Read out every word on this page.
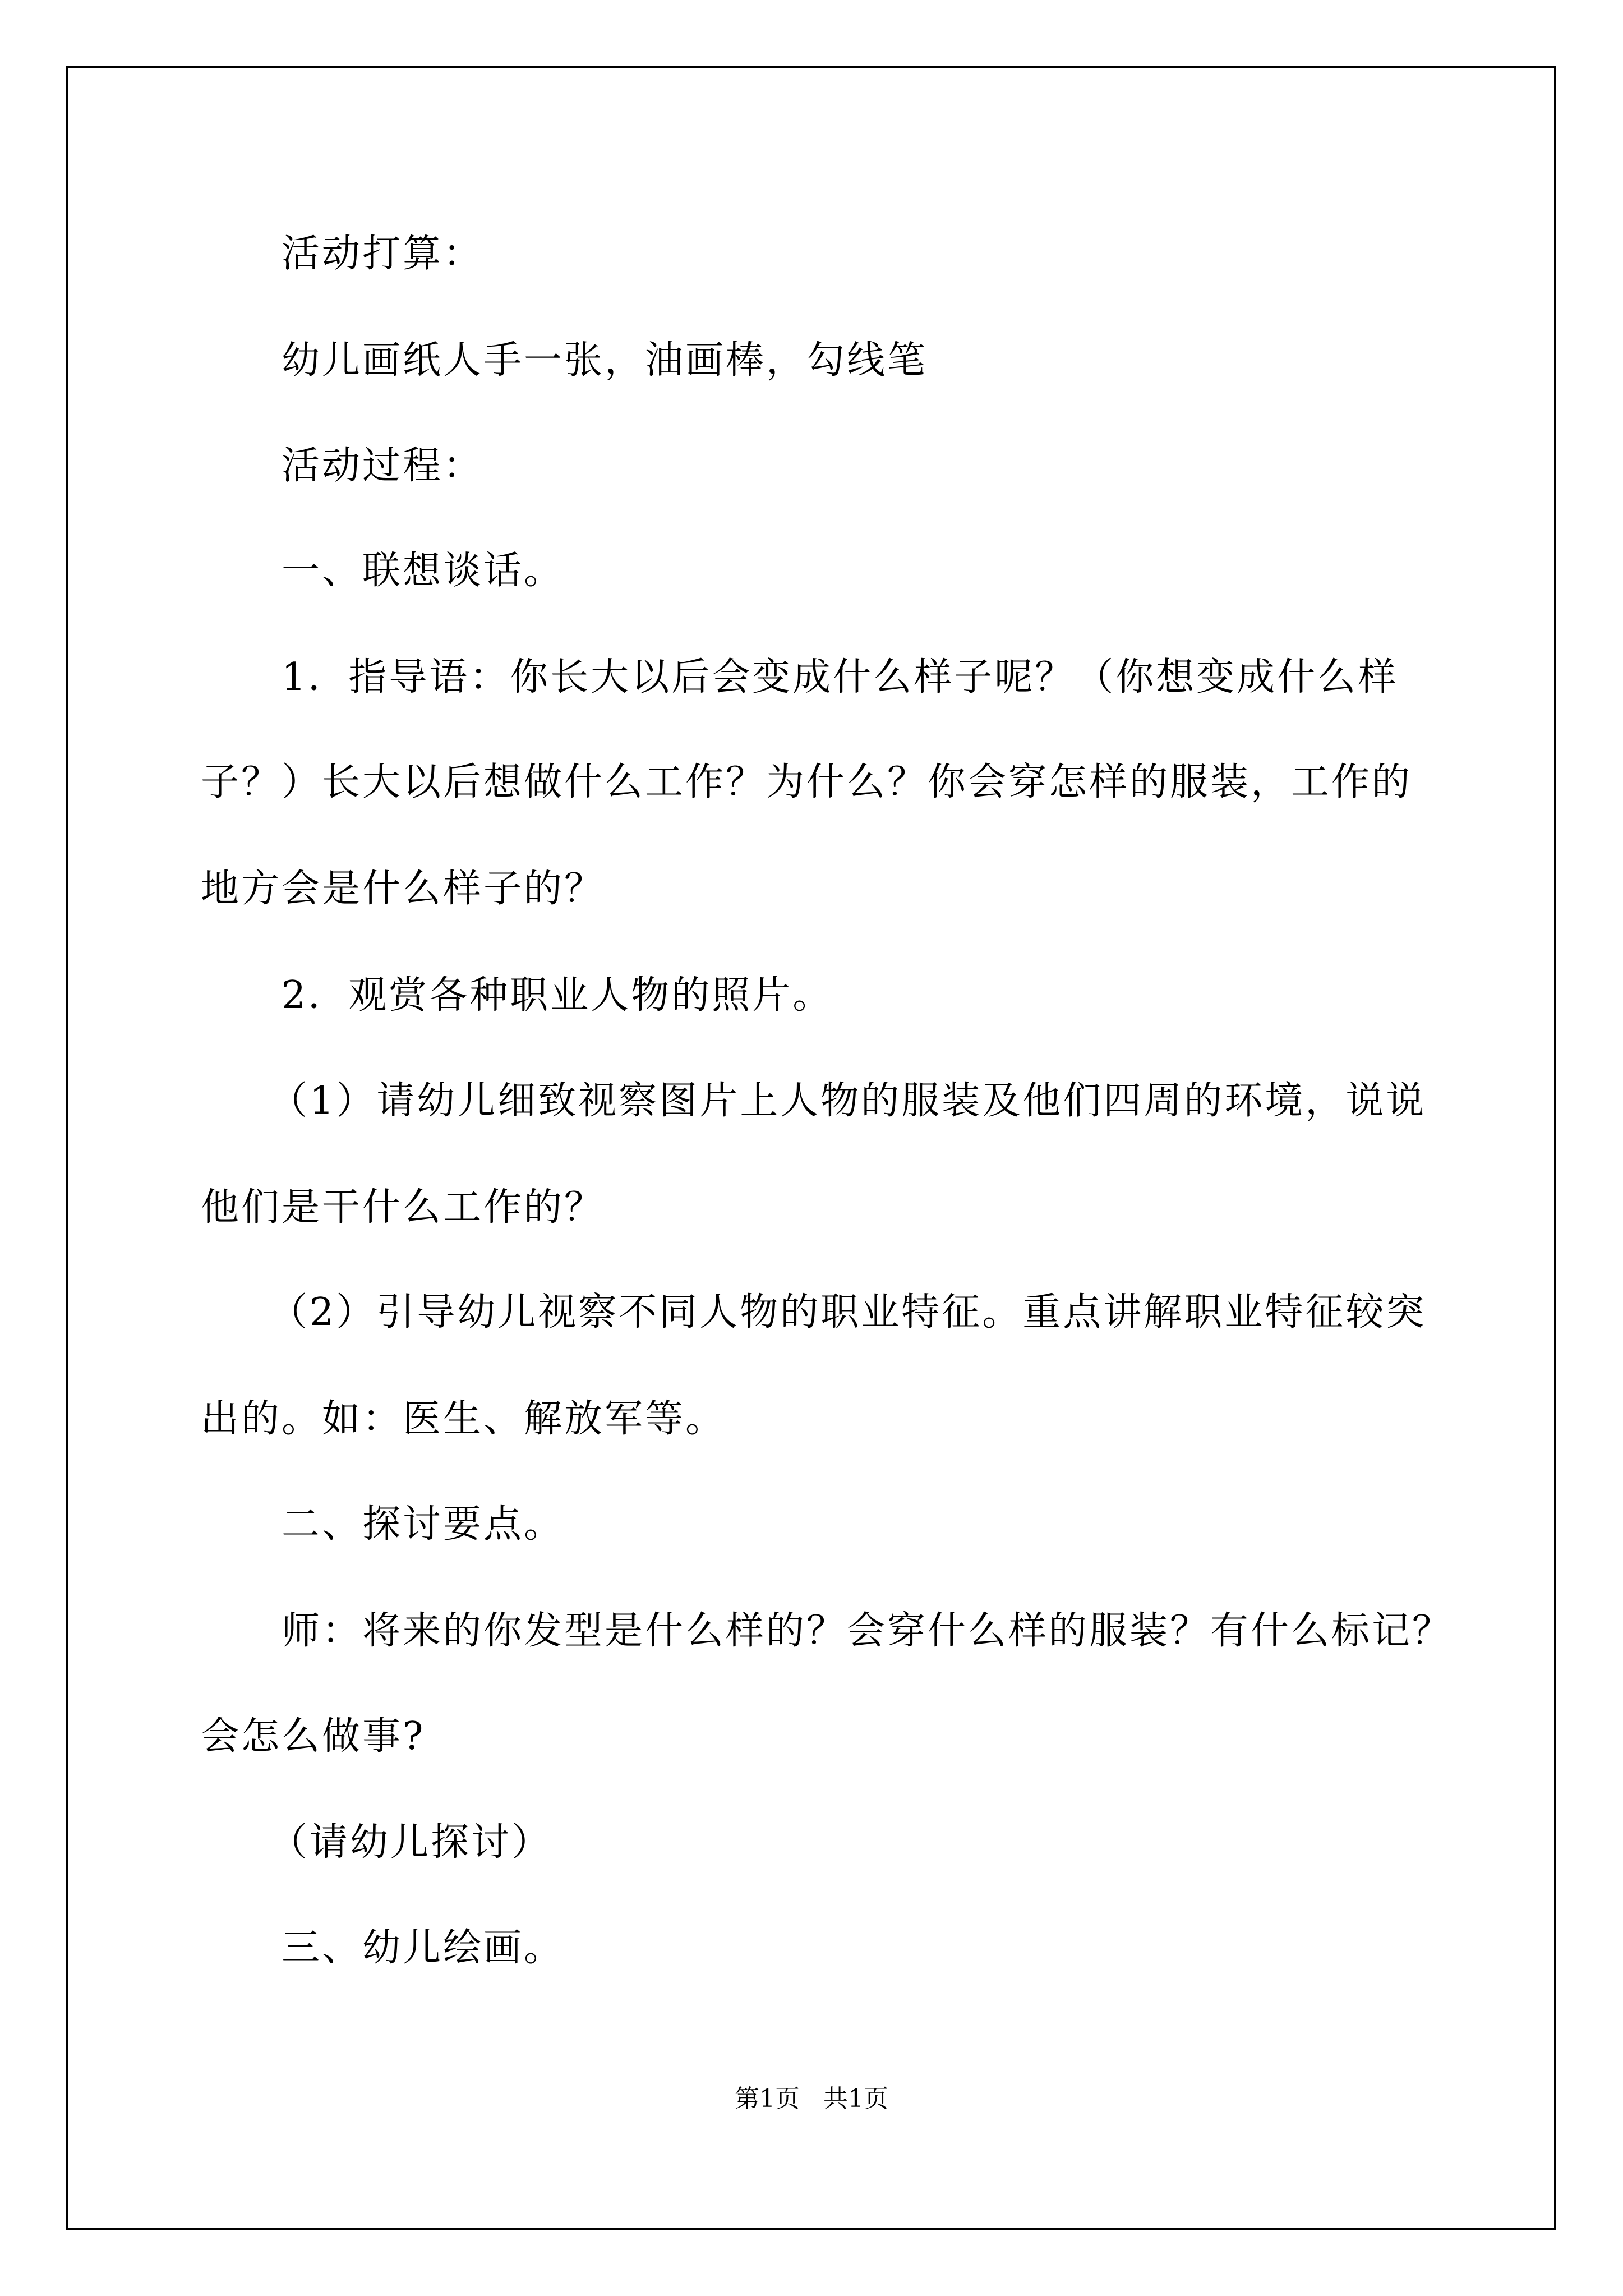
活动打算：
幼儿画纸人手一张，油画棒，勾线笔
活动过程：
一、联想谈话。
1．指导语：你长大以后会变成什么样子呢？（你想变成什么样
子？）长大以后想做什么工作？为什么？你会穿怎样的服装，工作的
地方会是什么样子的？
2．观赏各种职业人物的照片。
（1）请幼儿细致视察图片上人物的服装及他们四周的环境，说说
他们是干什么工作的？
（2）引导幼儿视察不同人物的职业特征。重点讲解职业特征较突
出的。如：医生、解放军等。
二、探讨要点。
师：将来的你发型是什么样的？会穿什么样的服装？有什么标记？
会怎么做事?
（请幼儿探讨）
三、幼儿绘画。
第1页 共1页
